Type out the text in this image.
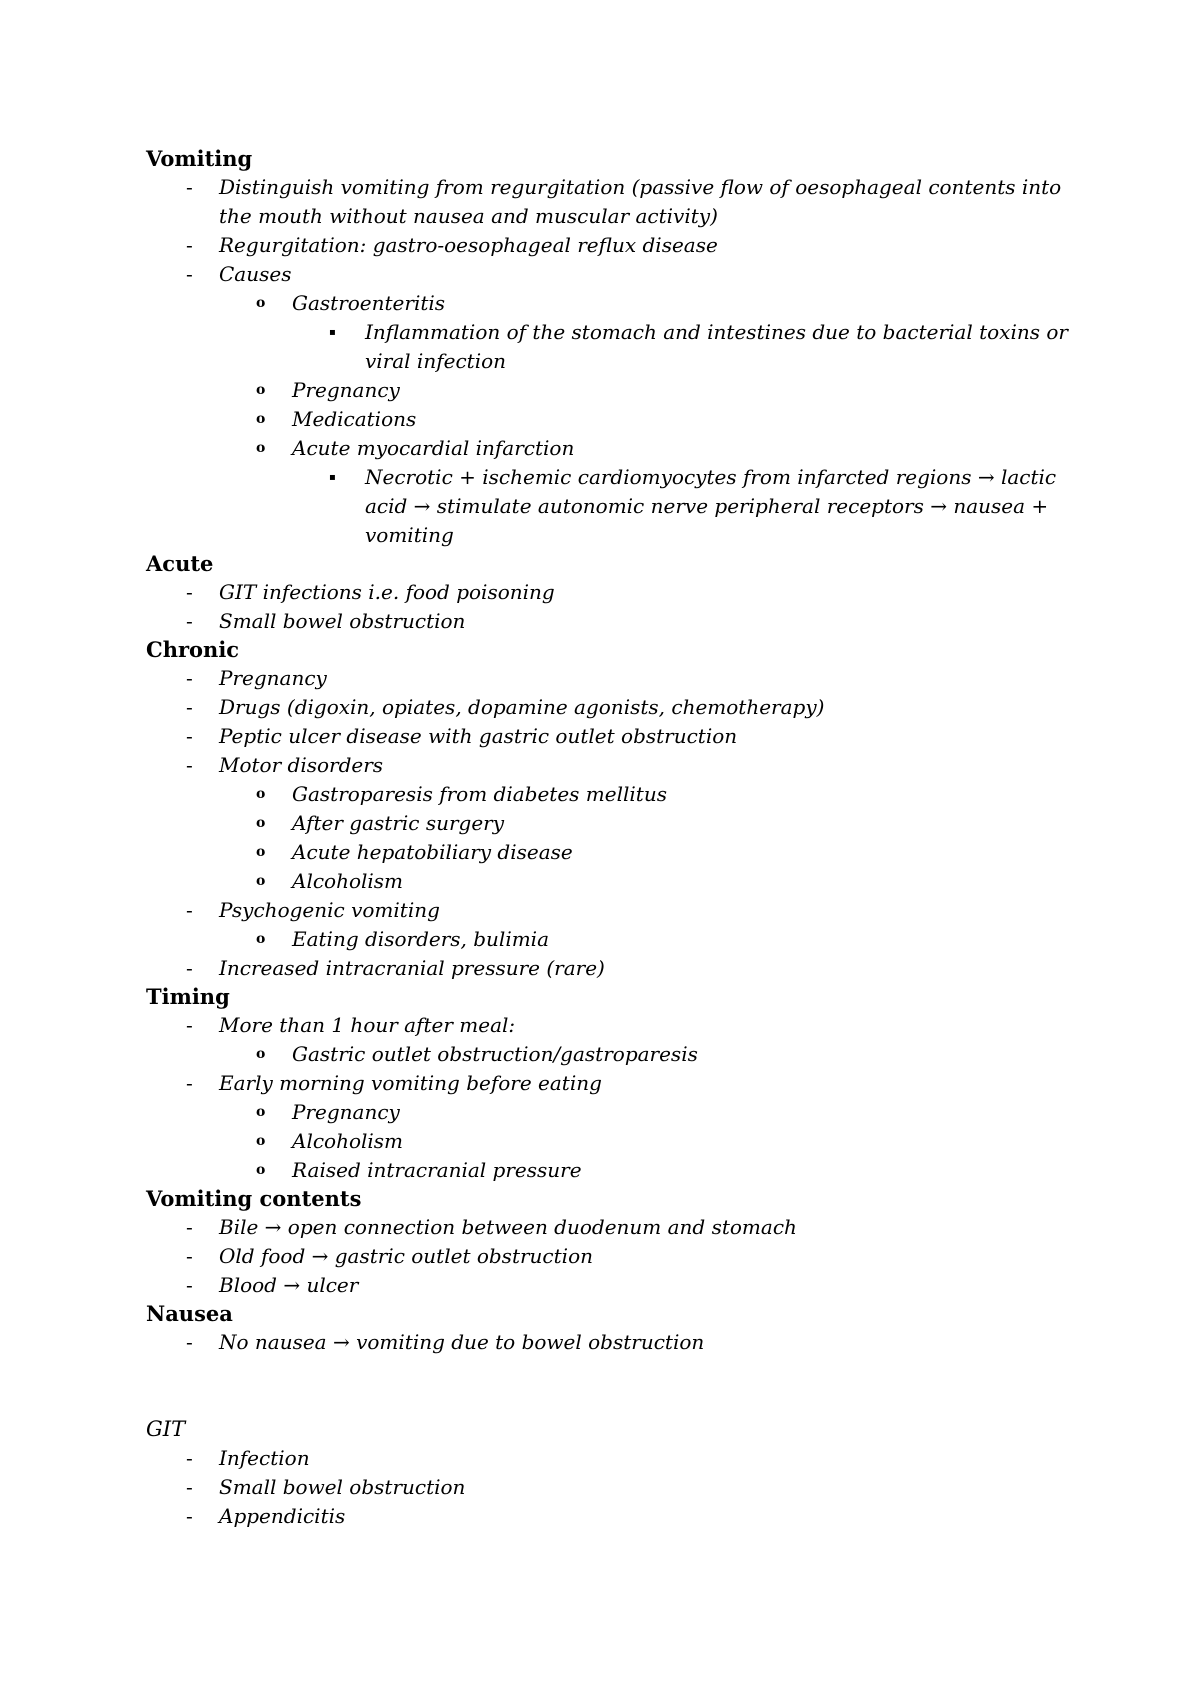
Vomiting
- Distinguish vomiting from regurgitation (passive flow of oesophageal contents into
the mouth without nausea and muscular activity)
- Regurgitation: gastro-oesophageal reflux disease
- Causes
o Gastroenteritis
▪ Inflammation of the stomach and intestines due to bacterial toxins or
viral infection
o Pregnancy
o Medications
o Acute myocardial infarction
▪ Necrotic + ischemic cardiomyocytes from infarcted regions → lactic
acid → stimulate autonomic nerve peripheral receptors → nausea +
vomiting
Acute
- GIT infections i.e. food poisoning
- Small bowel obstruction
Chronic
- Pregnancy
- Drugs (digoxin, opiates, dopamine agonists, chemotherapy)
- Peptic ulcer disease with gastric outlet obstruction
- Motor disorders
o Gastroparesis from diabetes mellitus
o After gastric surgery
o Acute hepatobiliary disease
o Alcoholism
- Psychogenic vomiting
o Eating disorders, bulimia
- Increased intracranial pressure (rare)
Timing
- More than 1 hour after meal:
o Gastric outlet obstruction/gastroparesis
- Early morning vomiting before eating
o Pregnancy
o Alcoholism
o Raised intracranial pressure
Vomiting contents
- Bile → open connection between duodenum and stomach
- Old food → gastric outlet obstruction
- Blood → ulcer
Nausea
- No nausea → vomiting due to bowel obstruction
GIT
- Infection
- Small bowel obstruction
- Appendicitis
